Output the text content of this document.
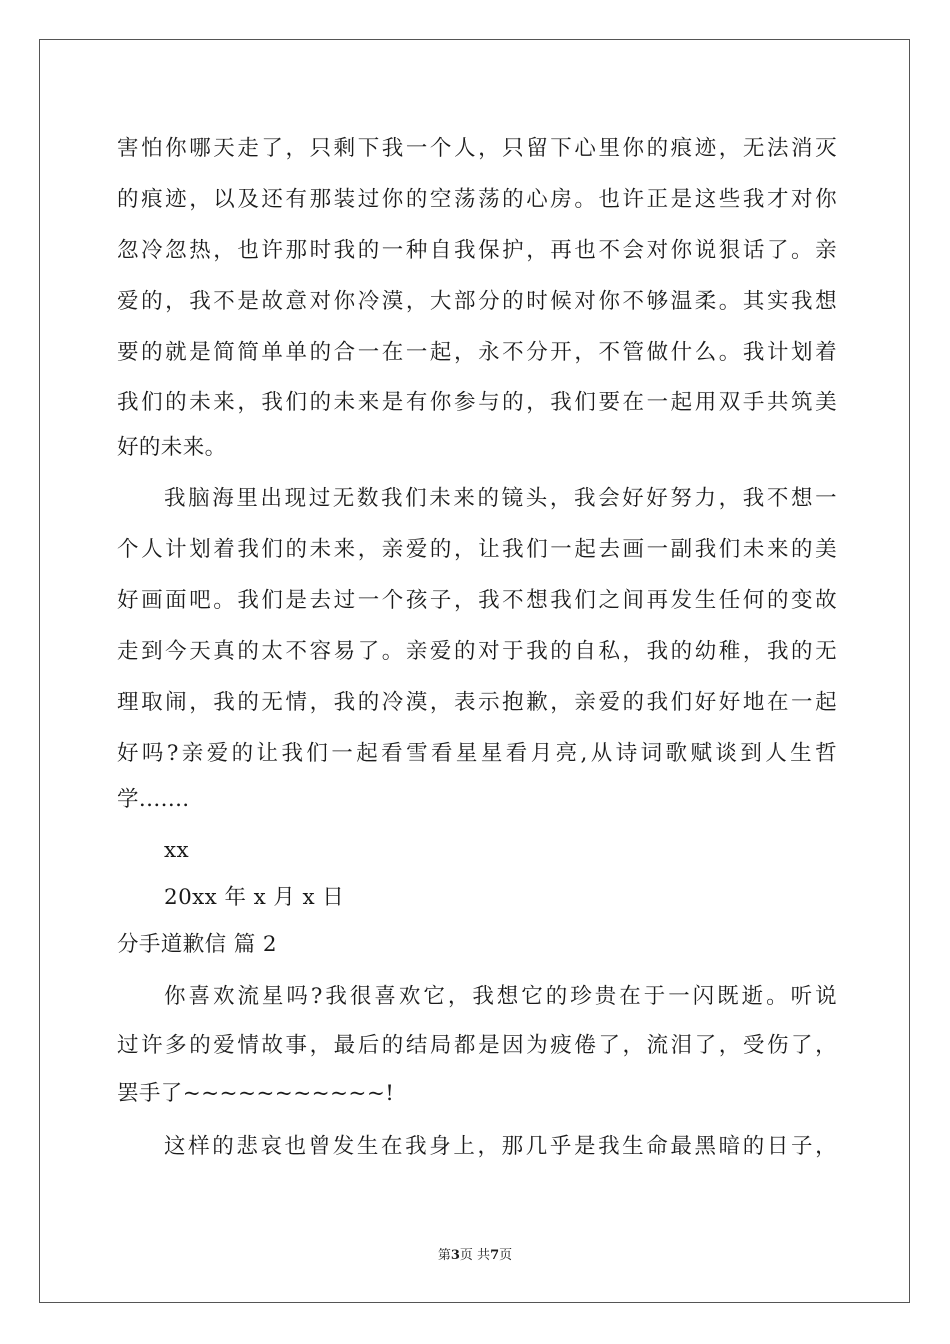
害怕你哪天走了，只剩下我一个人，只留下心里你的痕迹，无法消灭
的痕迹，以及还有那装过你的空荡荡的心房。也许正是这些我才对你
忽冷忽热，也许那时我的一种自我保护，再也不会对你说狠话了。亲
爱的，我不是故意对你冷漠，大部分的时候对你不够温柔。其实我想
要的就是简简单单的合一在一起，永不分开，不管做什么。我计划着
我们的未来，我们的未来是有你参与的，我们要在一起用双手共筑美
好的未来。
我脑海里出现过无数我们未来的镜头，我会好好努力，我不想一
个人计划着我们的未来，亲爱的，让我们一起去画一副我们未来的美
好画面吧。我们是去过一个孩子，我不想我们之间再发生任何的变故
走到今天真的太不容易了。亲爱的对于我的自私，我的幼稚，我的无
理取闹，我的无情，我的冷漠，表示抱歉，亲爱的我们好好地在一起
好吗?亲爱的让我们一起看雪看星星看月亮,从诗词歌赋谈到人生哲
学.......
xx
20xx 年 x 月 x 日
分手道歉信 篇 2
你喜欢流星吗?我很喜欢它，我想它的珍贵在于一闪既逝。听说
过许多的爱情故事，最后的结局都是因为疲倦了，流泪了，受伤了，
罢手了~~~~~~~~~~~!
这样的悲哀也曾发生在我身上，那几乎是我生命最黑暗的日子，
第3页 共7页
